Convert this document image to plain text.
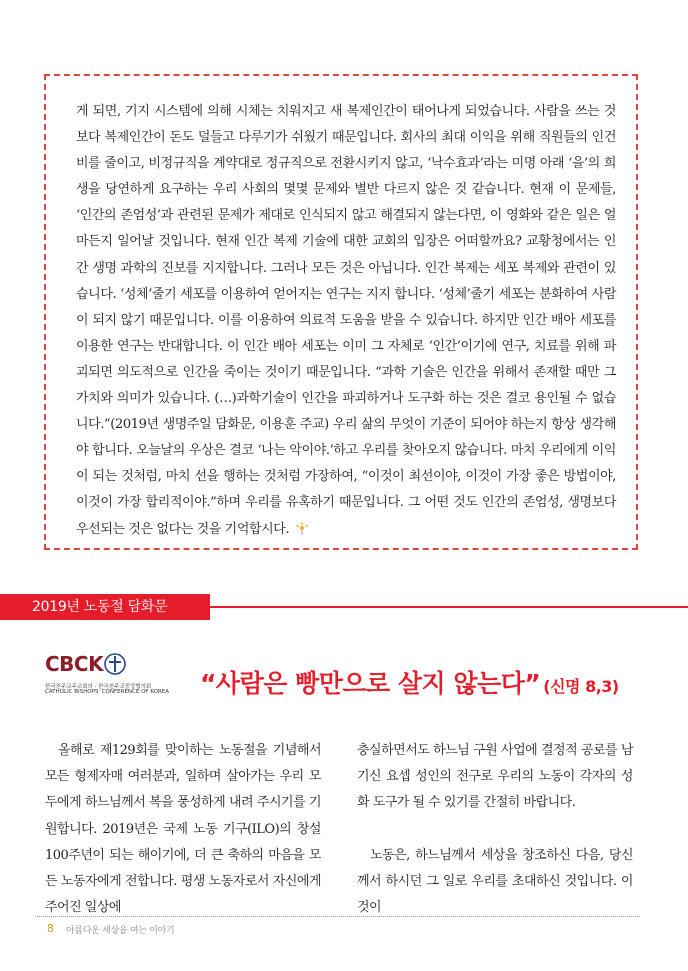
게 되면, 기지 시스템에 의해 시체는 치워지고 새 복제인간이 태어나게 되었습니다. 사람을 쓰는 것보다 복제인간이 돈도 덜들고 다루기가 쉬웠기 때문입니다. 회사의 최대 이익을 위해 직원들의 인건비를 줄이고, 비정규직을 계약대로 정규직으로 전환시키지 않고, ‘낙수효과’라는 미명 아래 ‘을’의 희생을 당연하게 요구하는 우리 사회의 몇몇 문제와 별반 다르지 않은 것 같습니다. 현재 이 문제들, ‘인간의 존엄성’과 관련된 문제가 제대로 인식되지 않고 해결되지 않는다면, 이 영화와 같은 일은 얼마든지 일어날 것입니다. 현재 인간 복제 기술에 대한 교회의 입장은 어떠할까요? 교황청에서는 인간 생명 과학의 진보를 지지합니다. 그러나 모든 것은 아닙니다. 인간 복제는 세포 복제와 관련이 있습니다. ‘성체’줄기 세포를 이용하여 얻어지는 연구는 지지 합니다. ‘성체’줄기 세포는 분화하여 사람이 되지 않기 때문입니다. 이를 이용하여 의료적 도움을 받을 수 있습니다. 하지만 인간 배아 세포를 이용한 연구는 반대합니다. 이 인간 배아 세포는 이미 그 자체로 ‘인간’이기에 연구, 치료를 위해 파괴되면 의도적으로 인간을 죽이는 것이기 때문입니다. “과학 기술은 인간을 위해서 존재할 때만 그 가치와 의미가 있습니다. (…)과학기술이 인간을 파괴하거나 도구화 하는 것은 결코 용인될 수 없습니다.”(2019년 생명주일 담화문, 이용훈 주교) 우리 삶의 무엇이 기준이 되어야 하는지 항상 생각해야 합니다. 오늘날의 우상은 결코 ‘나는 악이야.’하고 우리를 찾아오지 않습니다. 마치 우리에게 이익이 되는 것처럼, 마치 선을 행하는 것처럼 가장하여, “이것이 최선이야, 이것이 가장 좋은 방법이야, 이것이 가장 합리적이야.”하며 우리를 유혹하기 때문입니다. 그 어떤 것도 인간의 존엄성, 생명보다 우선되는 것은 없다는 것을 기억합시다.

2019년 노동절 담화문
CBCK
한국천주교주교회의 · 한국천주교중앙협의회
CATHOLIC BISHOPS' CONFERENCE OF KOREA “사람은 빵만으로 살지 않는다” (신명 8,3)

올해로 제129회를 맞이하는 노동절을 기념해서 모든 형제자매 여러분과, 일하며 살아가는 우리 모두에게 하느님께서 복을 풍성하게 내려 주시기를 기원합니다. 2019년은 국제 노동 기구(ILO)의 창설 100주년이 되는 해이기에, 더 큰 축하의 마음을 모든 노동자에게 전합니다. 평생 노동자로서 자신에게 주어진 일상에

충실하면서도 하느님 구원 사업에 결정적 공로를 남기신 요셉 성인의 전구로 우리의 노동이 각자의 성화 도구가 될 수 있기를 간절히 바랍니다.

노동은, 하느님께서 세상을 창조하신 다음, 당신께서 하시던 그 일로 우리를 초대하신 것입니다. 이것이

8 아름다운 세상을 여는 이야기
